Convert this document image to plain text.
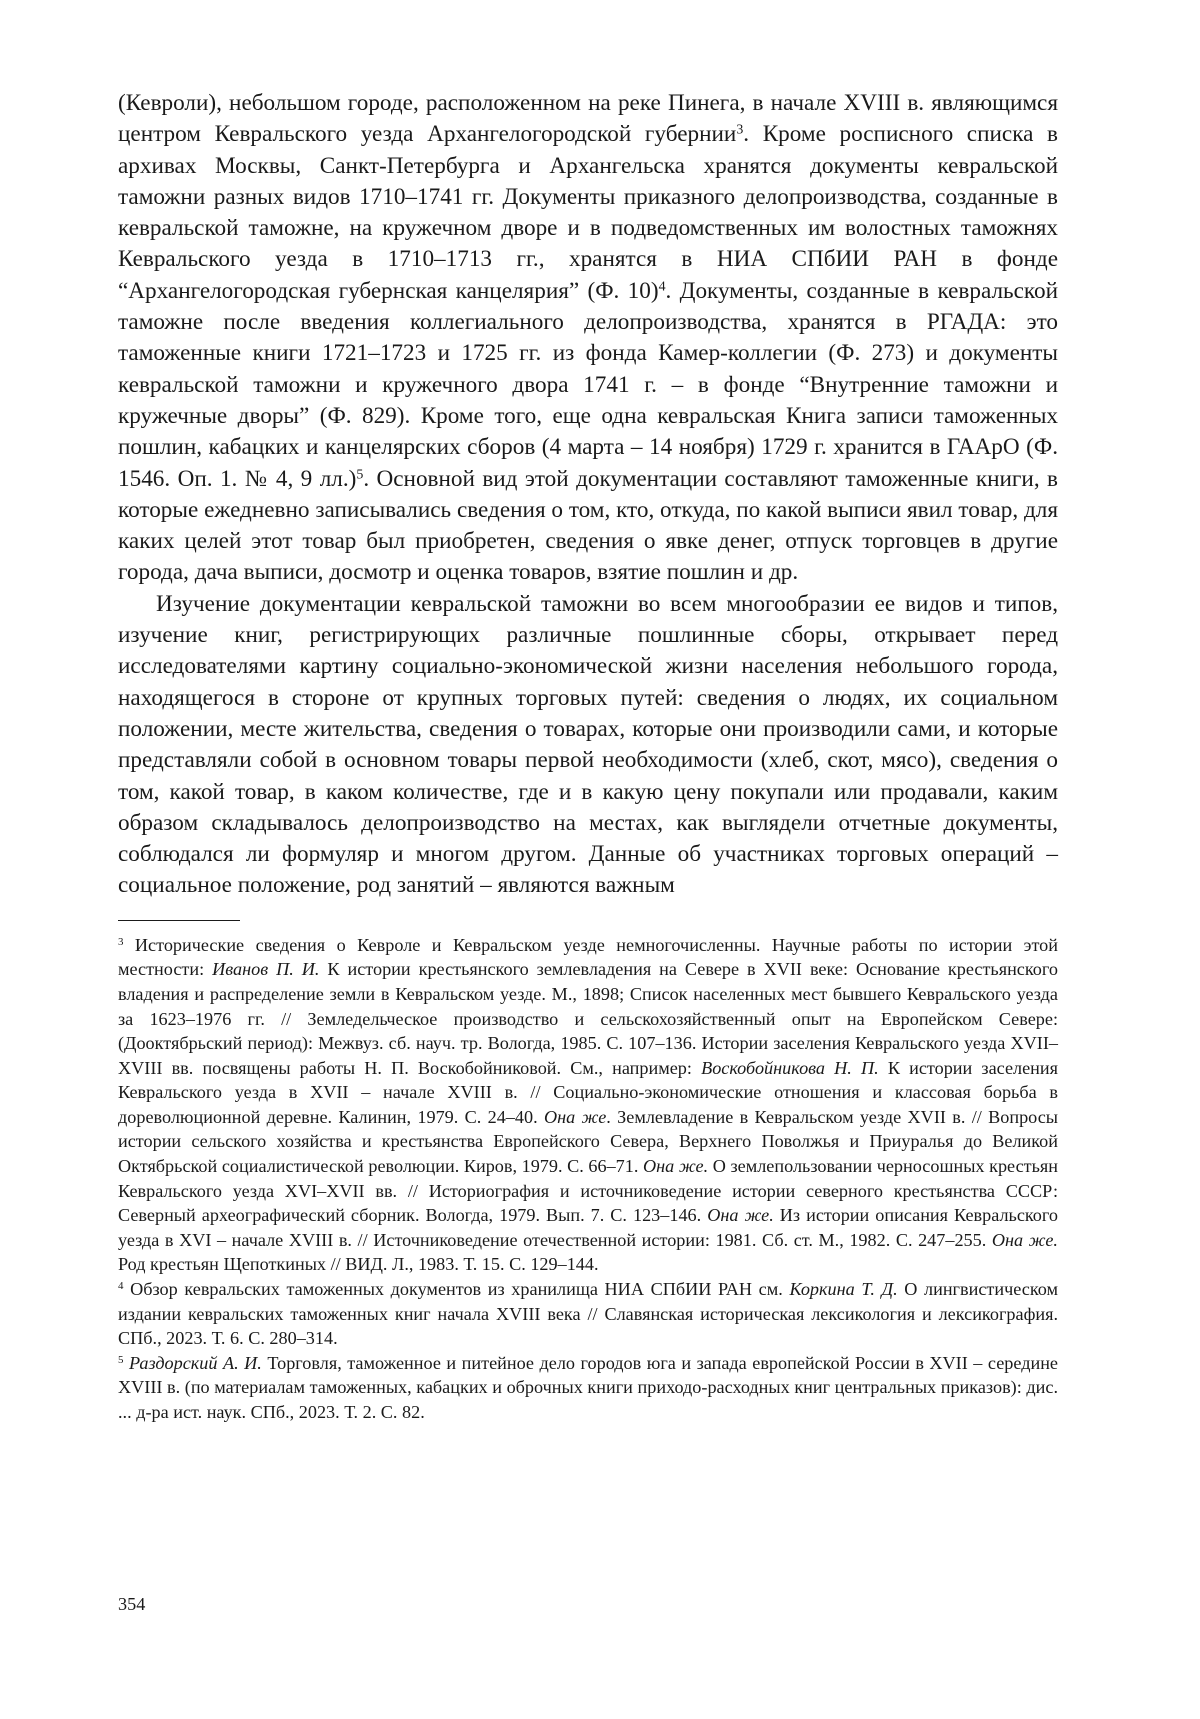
(Кевроли), небольшом городе, расположенном на реке Пинега, в начале XVIII в. являющимся центром Кевральского уезда Архангелогородской губернии3. Кроме росписного списка в архивах Москвы, Санкт-Петербурга и Архангельска хранятся документы кевральской таможни разных видов 1710–1741 гг. Документы приказного делопроизводства, созданные в кевральской таможне, на кружечном дворе и в подведомственных им волостных таможнях Кевральского уезда в 1710–1713 гг., хранятся в НИА СПбИИ РАН в фонде “Архангелогородская губернская канцелярия” (Ф. 10)4. Документы, созданные в кевральской таможне после введения коллегиального делопроизводства, хранятся в РГАДА: это таможенные книги 1721–1723 и 1725 гг. из фонда Камер-коллегии (Ф. 273) и документы кевральской таможни и кружечного двора 1741 г. – в фонде “Внутренние таможни и кружечные дворы” (Ф. 829). Кроме того, еще одна кевральская Книга записи таможенных пошлин, кабацких и канцелярских сборов (4 марта – 14 ноября) 1729 г. хранится в ГААрО (Ф. 1546. Оп. 1. № 4, 9 лл.)5. Основной вид этой документации составляют таможенные книги, в которые ежедневно записывались сведения о том, кто, откуда, по какой выписи явил товар, для каких целей этот товар был приобретен, сведения о явке денег, отпуск торговцев в другие города, дача выписи, досмотр и оценка товаров, взятие пошлин и др.

Изучение документации кевральской таможни во всем многообразии ее видов и типов, изучение книг, регистрирующих различные пошлинные сборы, открывает перед исследователями картину социально-экономической жизни населения небольшого города, находящегося в стороне от крупных торговых путей: сведения о людях, их социальном положении, месте жительства, сведения о товарах, которые они производили сами, и которые представляли собой в основном товары первой необходимости (хлеб, скот, мясо), сведения о том, какой товар, в каком количестве, где и в какую цену покупали или продавали, каким образом складывалось делопроизводство на местах, как выглядели отчетные документы, соблюдался ли формуляр и многом другом. Данные об участниках торговых операций – социальное положение, род занятий – являются важным

3 Исторические сведения о Кевроле и Кевральском уезде немногочисленны. Научные работы по истории этой местности: Иванов П. И. К истории крестьянского землевладения на Севере в XVII веке: Основание крестьянского владения и распределение земли в Кевральском уезде. М., 1898; Список населенных мест бывшего Кевральского уезда за 1623–1976 гг. // Земледельческое производство и сельскохозяйственный опыт на Европейском Севере: (Дооктябрьский период): Межвуз. сб. науч. тр. Вологда, 1985. С. 107–136. Истории заселения Кевральского уезда XVII–XVIII вв. посвящены работы Н. П. Воскобойниковой. См., например: Воскобойникова Н. П. К истории заселения Кевральского уезда в XVII – начале XVIII в. // Социально-экономические отношения и классовая борьба в дореволюционной деревне. Калинин, 1979. С. 24–40. Она же. Землевладение в Кевральском уезде XVII в. // Вопросы истории сельского хозяйства и крестьянства Европейского Севера, Верхнего Поволжья и Приуралья до Великой Октябрьской социалистической революции. Киров, 1979. С. 66–71. Она же. О землепользовании черносошных крестьян Кевральского уезда XVI–XVII вв. // Историография и источниковедение истории северного крестьянства СССР: Северный археографический сборник. Вологда, 1979. Вып. 7. С. 123–146. Она же. Из истории описания Кевральского уезда в XVI – начале XVIII в. // Источниковедение отечественной истории: 1981. Сб. ст. М., 1982. С. 247–255. Она же. Род крестьян Щепоткиных // ВИД. Л., 1983. Т. 15. С. 129–144.

4 Обзор кевральских таможенных документов из хранилища НИА СПбИИ РАН см. Коркина Т. Д. О лингвистическом издании кевральских таможенных книг начала XVIII века // Славянская историческая лексикология и лексикография. СПб., 2023. Т. 6. С. 280–314.

5 Раздорский А. И. Торговля, таможенное и питейное дело городов юга и запада европейской России в XVII – середине XVIII в. (по материалам таможенных, кабацких и оброчных книги приходо-расходных книг центральных приказов): дис. ... д-ра ист. наук. СПб., 2023. Т. 2. С. 82.

354
